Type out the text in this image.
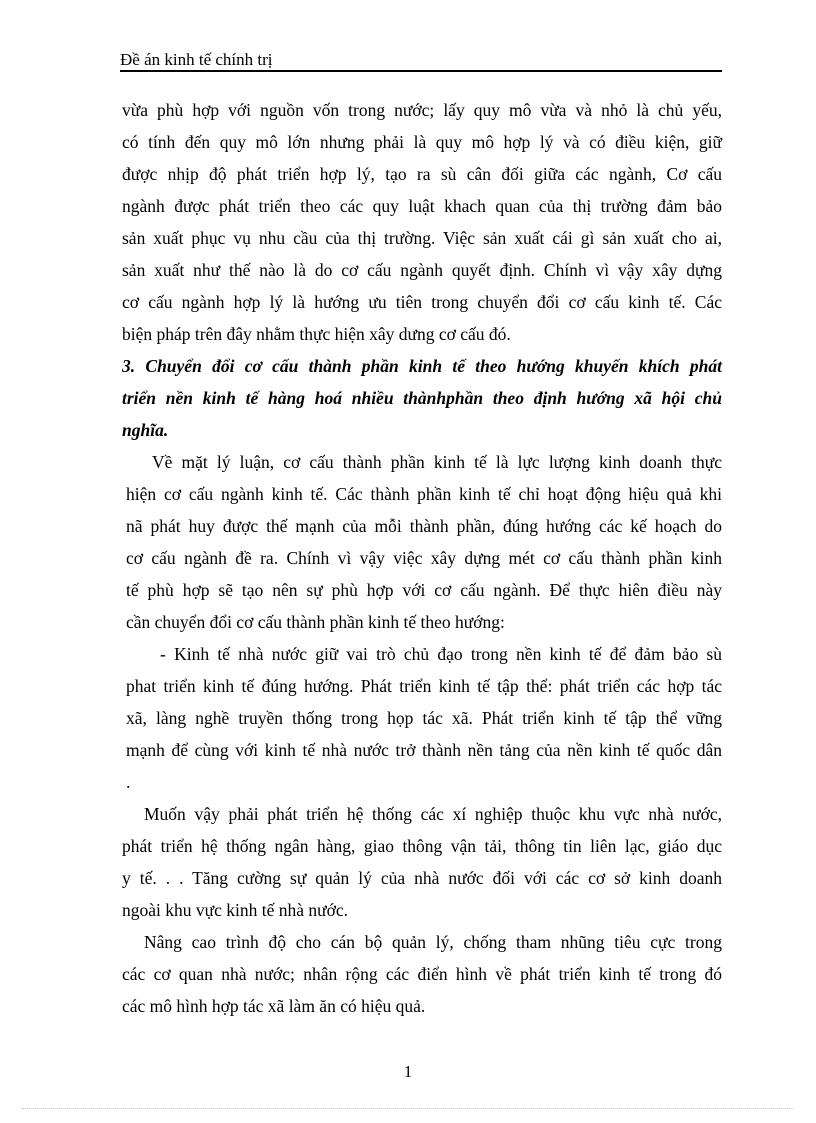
Đề án kinh tế chính trị
vừa phù hợp với nguồn vốn trong nước; lấy quy mô vừa và nhỏ là chủ yếu,
có tính đến quy mô lớn nhưng phải là quy mô hợp lý và có điều kiện, giữ
được nhịp độ phát triển hợp lý, tạo ra sù cân đối giữa các ngành, Cơ cấu
ngành được phát triển theo các quy luật khach quan của thị trường đảm bảo
sản xuất phục vụ nhu cầu của thị trường. Việc sản xuất cái gì sản xuất cho ai,
sản xuất như thế nào là do cơ cấu ngành quyết định. Chính vì vậy xây dựng
cơ cấu ngành hợp lý là hướng ưu tiên trong chuyển đổi cơ cấu kinh tế. Các
biện pháp trên đây nhằm thực hiện xây dưng cơ cấu đó.
3. Chuyển đổi cơ cấu thành phần kinh tế theo hướng khuyến khích phát
triển nền kinh tế hàng hoá nhiều thànhphần theo định hướng xã hội chủ
nghĩa.
Về mặt lý luận, cơ cấu thành phần kinh tế là lực lượng kinh doanh thực
hiện cơ cấu ngành kinh tế. Các thành phần kinh tế chỉ hoạt động hiệu quả khi
nã phát huy được thế mạnh của mỗi thành phần, đúng hướng các kế hoạch do
cơ cấu ngành đề ra. Chính vì vậy việc xây dựng mét cơ cấu thành phần kinh
tế phù hợp sẽ tạo nên sự phù hợp với cơ cấu ngành. Để thực hiên điều này
cần chuyển đổi cơ cấu thành phần kinh tế theo hướng:
- Kinh tế nhà nước giữ vai trò chủ đạo trong nền kinh tế để đảm bảo sù
phat triển kinh tế đúng hướng. Phát triển kinh tế tập thể: phát triển các hợp tác
xã, làng nghề truyền thống trong họp tác xã. Phát triển kinh tế tập thể vững
mạnh để cùng với kinh tế nhà nước trở thành nền tảng của nền kinh tế quốc dân
.
Muốn vậy phải phát triển hệ thống các xí nghiệp thuộc khu vực nhà nước,
phát triển hệ thống ngân hàng, giao thông vận tải, thông tin liên lạc, giáo dục
y tế. . . Tăng cường sự quản lý của nhà nước đối với các cơ sở kinh doanh
ngoài khu vực kinh tế nhà nước.
Nâng cao trình độ cho cán bộ quản lý, chống tham nhũng tiêu cực trong
các cơ quan nhà nước; nhân rộng các điển hình về phát triển kinh tế trong đó
các mô hình hợp tác xã làm ăn có hiệu quả.
1
